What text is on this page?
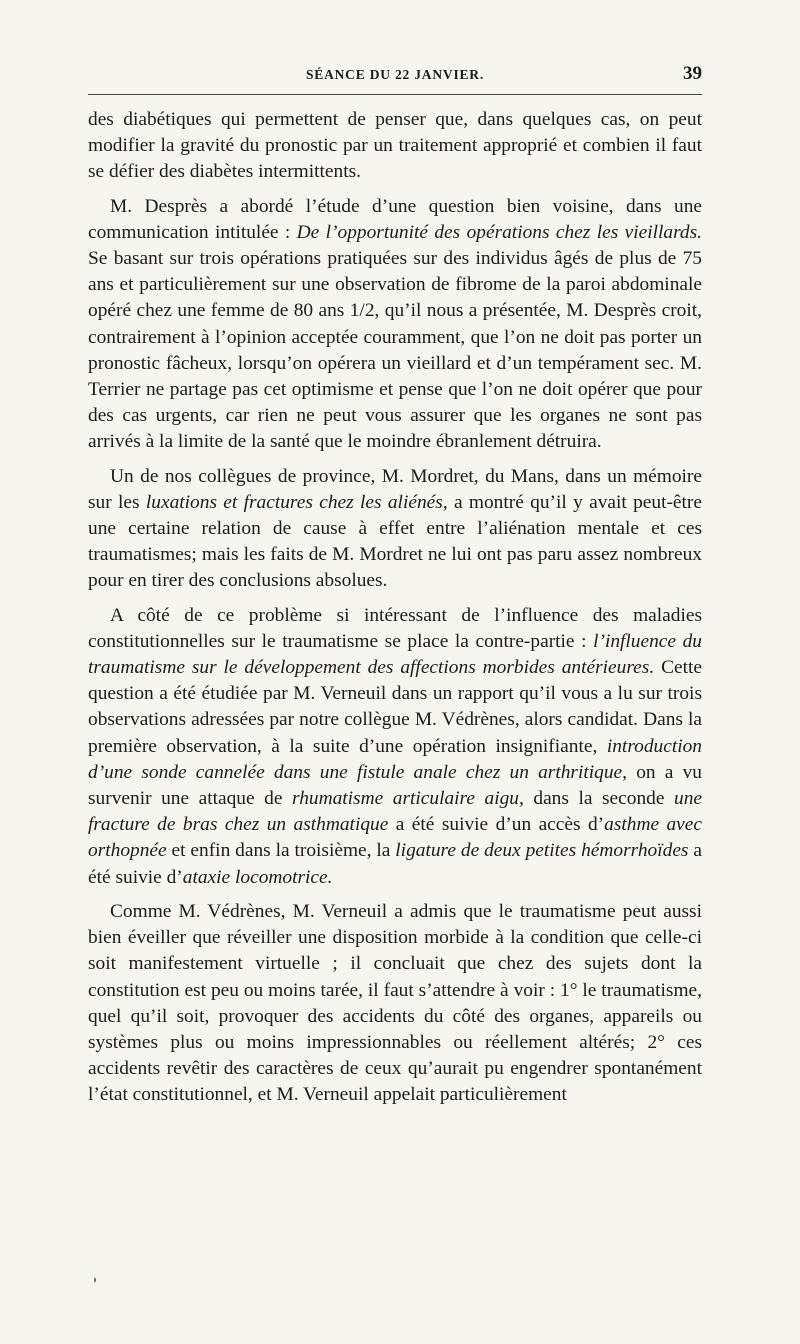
SÉANCE DU 22 JANVIER.	39

des diabétiques qui permettent de penser que, dans quelques cas, on peut modifier la gravité du pronostic par un traitement approprié et combien il faut se défier des diabètes intermittents.

M. Desprès a abordé l’étude d’une question bien voisine, dans une communication intitulée : De l’opportunité des opérations chez les vieillards. Se basant sur trois opérations pratiquées sur des individus âgés de plus de 75 ans et particulièrement sur une observation de fibrome de la paroi abdominale opéré chez une femme de 80 ans 1/2, qu’il nous a présentée, M. Desprès croit, contrairement à l’opinion acceptée couramment, que l’on ne doit pas porter un pronostic fâcheux, lorsqu’on opérera un vieillard et d’un tempérament sec. M. Terrier ne partage pas cet optimisme et pense que l’on ne doit opérer que pour des cas urgents, car rien ne peut vous assurer que les organes ne sont pas arrivés à la limite de la santé que le moindre ébranlement détruira.

Un de nos collègues de province, M. Mordret, du Mans, dans un mémoire sur les luxations et fractures chez les aliénés, a montré qu’il y avait peut-être une certaine relation de cause à effet entre l’aliénation mentale et ces traumatismes; mais les faits de M. Mordret ne lui ont pas paru assez nombreux pour en tirer des conclusions absolues.

A côté de ce problème si intéressant de l’influence des maladies constitutionnelles sur le traumatisme se place la contre-partie : l’influence du traumatisme sur le développement des affections morbides antérieures. Cette question a été étudiée par M. Verneuil dans un rapport qu’il vous a lu sur trois observations adressées par notre collègue M. Védrènes, alors candidat. Dans la première observation, à la suite d’une opération insignifiante, introduction d’une sonde cannelée dans une fistule anale chez un arthritique, on a vu survenir une attaque de rhumatisme articulaire aigu, dans la seconde une fracture de bras chez un asthmatique a été suivie d’un accès d’asthme avec orthopnée et enfin dans la troisième, la ligature de deux petites hémorrhoïdes a été suivie d’ataxie locomotrice.

Comme M. Védrènes, M. Verneuil a admis que le traumatisme peut aussi bien éveiller que réveiller une disposition morbide à la condition que celle-ci soit manifestement virtuelle ; il concluait que chez des sujets dont la constitution est peu ou moins tarée, il faut s’attendre à voir : 1° le traumatisme, quel qu’il soit, provoquer des accidents du côté des organes, appareils ou systèmes plus ou moins impressionnables ou réellement altérés; 2° ces accidents revêtir des caractères de ceux qu’aurait pu engendrer spontanément l’état constitutionnel, et M. Verneuil appelait particulièrement
